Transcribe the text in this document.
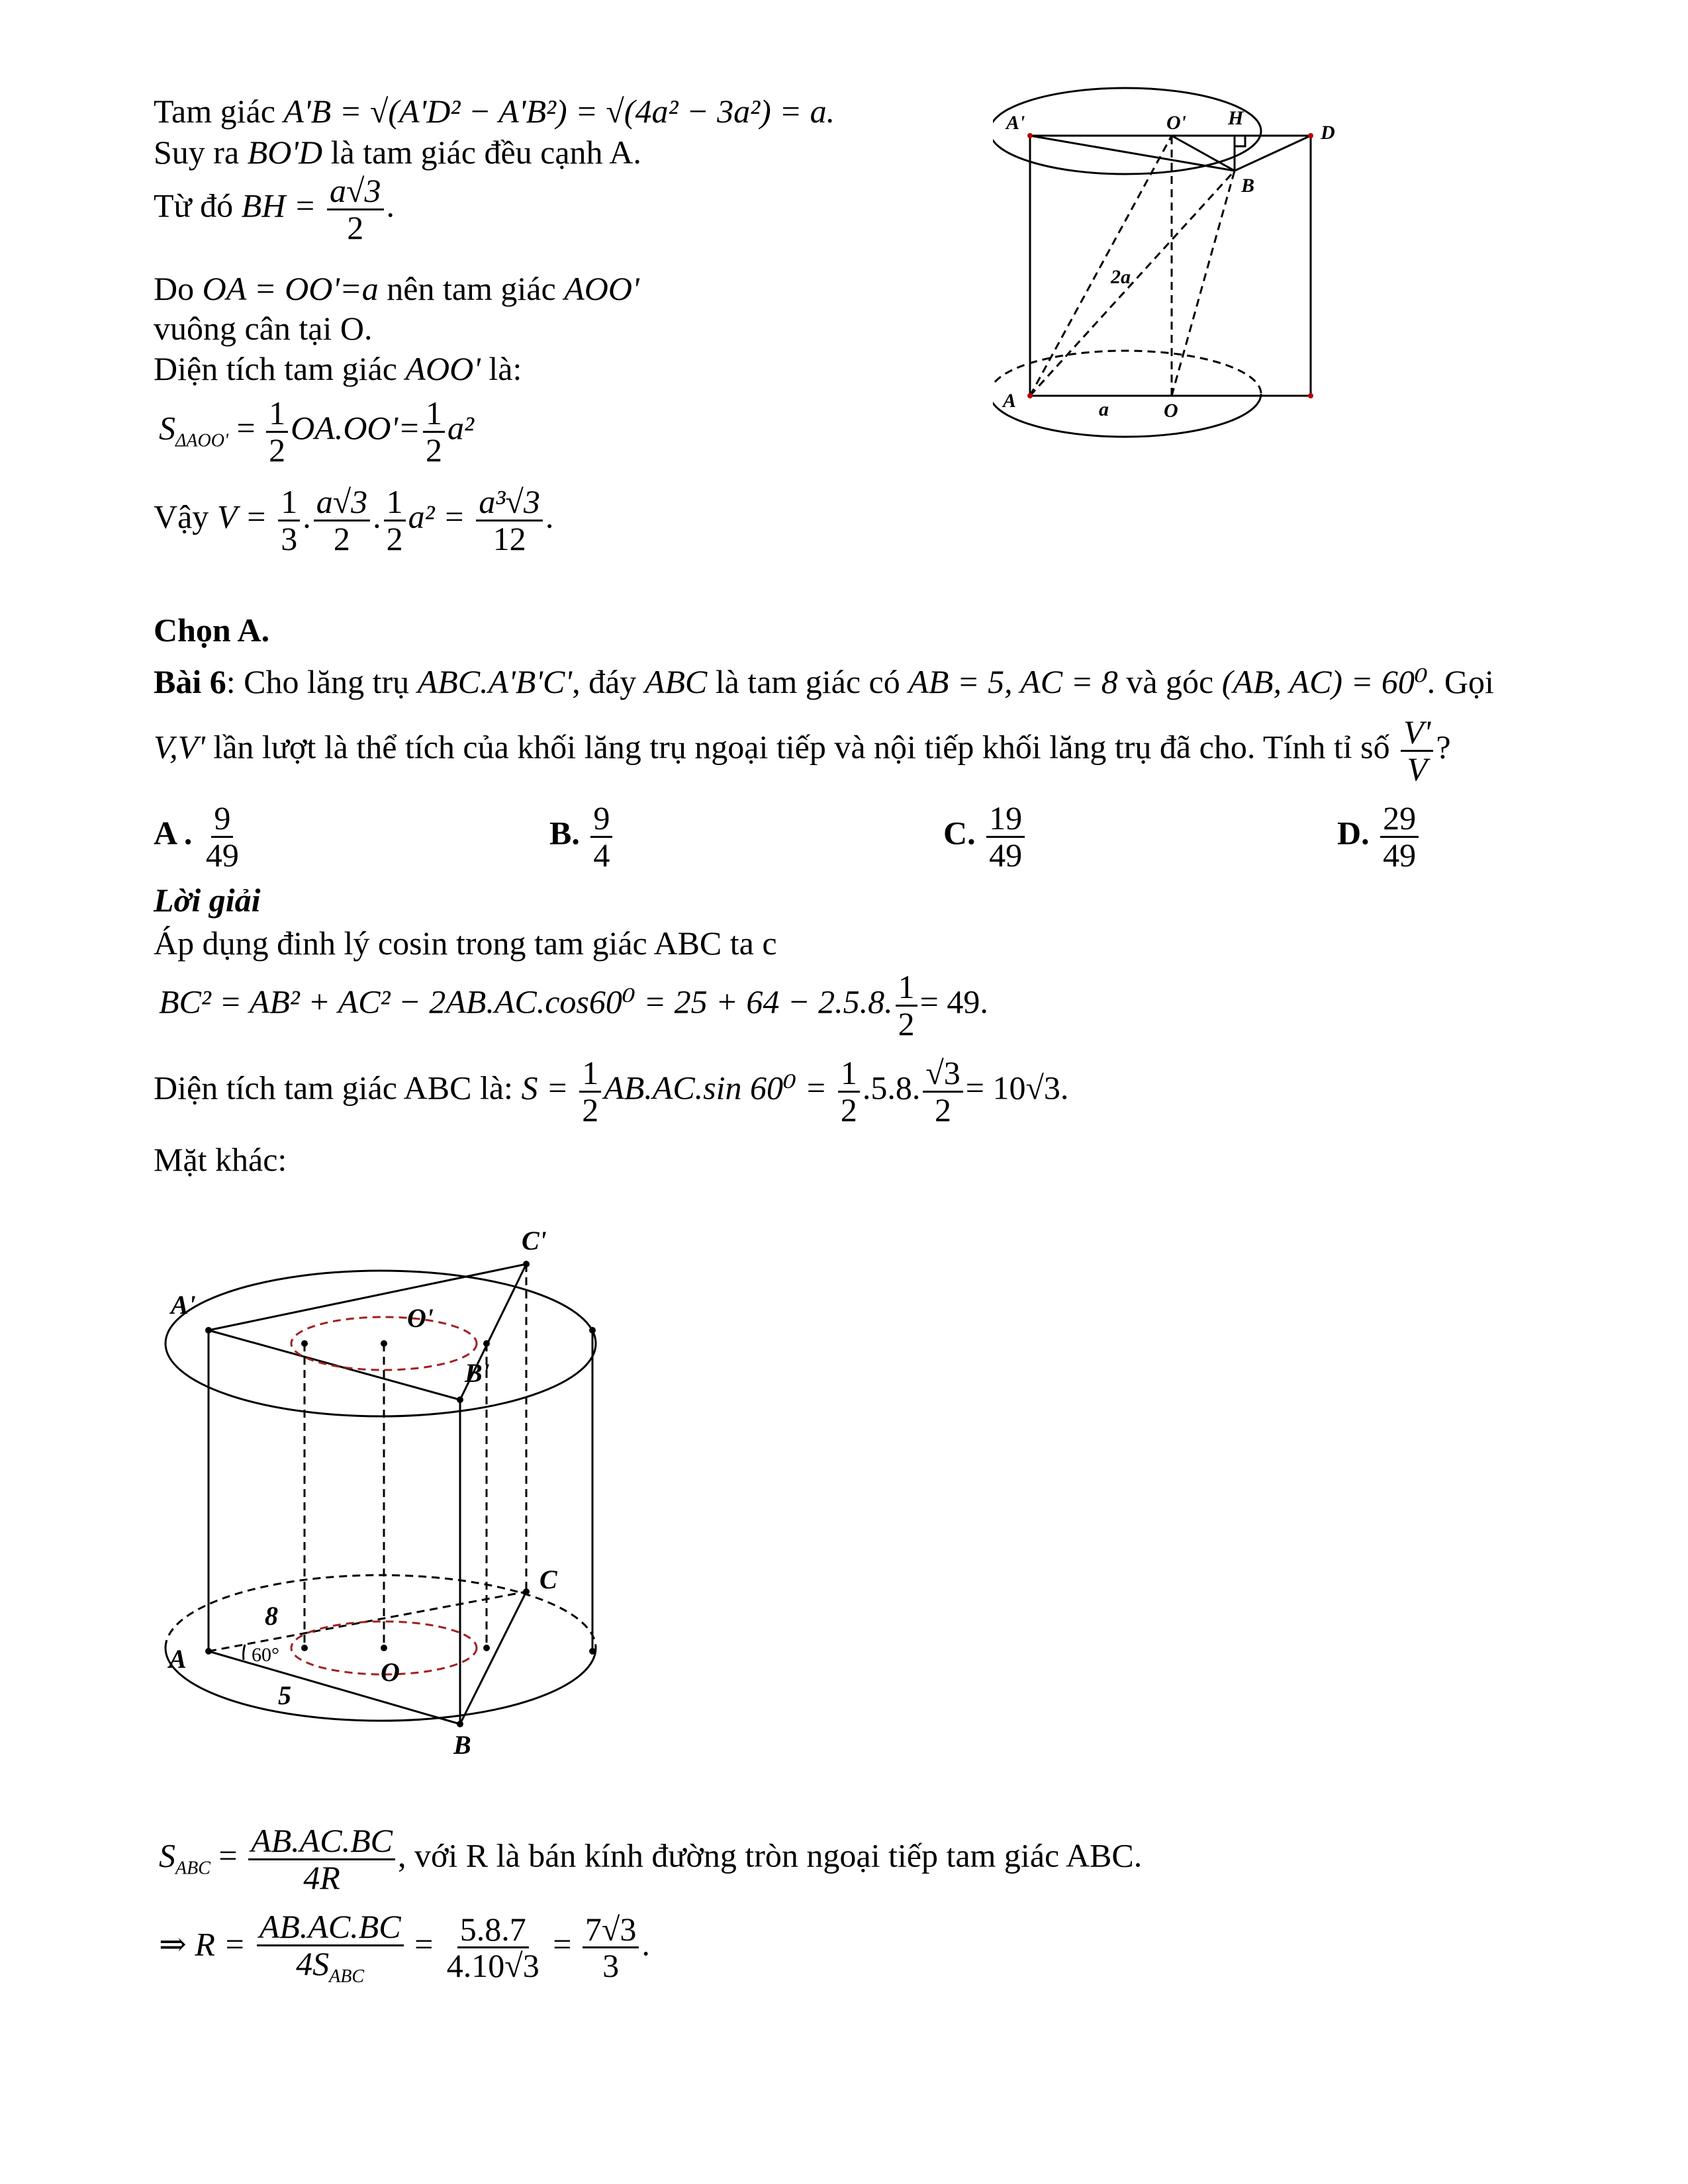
Tam giác A'B = √(A'D² − A'B²) = √(4a² − 3a²) = a.
Suy ra BO'D là tam giác đều cạnh A.
Từ đó BH = $\frac{a√3}{2}$ .
Do OA = OO'=a nên tam giác AOO'
vuông cân tại O.
Diện tích tam giác AOO' là:
$S_{\Delta AOO'} = \frac{1}{2} OA.OO'= \frac{1}{2} a^2$
Vậy $V = \frac{1}{3}$ . $\frac{a√3}{2}$ . $\frac{1}{2} a^2 = \frac{\text{a³√3}}{12}$ .
A'	O' H
D
B
2a
A	a	O
Chọn A.
Bài 6: Cho lăng trụ ABC.A'B'C', đáy ABC là tam giác có AB = 5, AC = 8 và góc (AB, AC) = 60⁰. Gọi
V,V' lần lượt là thể tích của khối lăng trụ ngoại tiếp và nội tiếp khối lăng trụ đã cho. Tính tỉ số $\frac{V'}{V}$ ?
A . $\frac{9}{49}$	B. $\frac{9}{4}$	C. $\frac{19}{49}$	D. $\frac{29}{49}$
Lời giải
Áp dụng đinh lý cosin trong tam giác ABC ta c
BC² = AB² + AC² − 2AB.AC.cos60⁰ = 25 + 64 − 2.5.8. $\frac{1}{2} = 49$.
Diện tích tam giác ABC là: $S = \frac{1}{2} AB.AC.\sin$ $60^0 = \frac{1}{2} .5.8$. $\frac{√3}{2} = 10√3$.
Mặt khác:
C'
A'	O'
B'
C
8
A	O
5
B
60°
$S_{ABC} = \frac{AB.AC.BC}{4R}$ , với R là bán kính đường tròn ngoại tiếp tam giác ABC.
⇒ $R = \frac{AB.AC.BC}{4S_{ABC}} = \frac{5.8.7}{4.10√3} = \frac{7√3}{3}$ .
